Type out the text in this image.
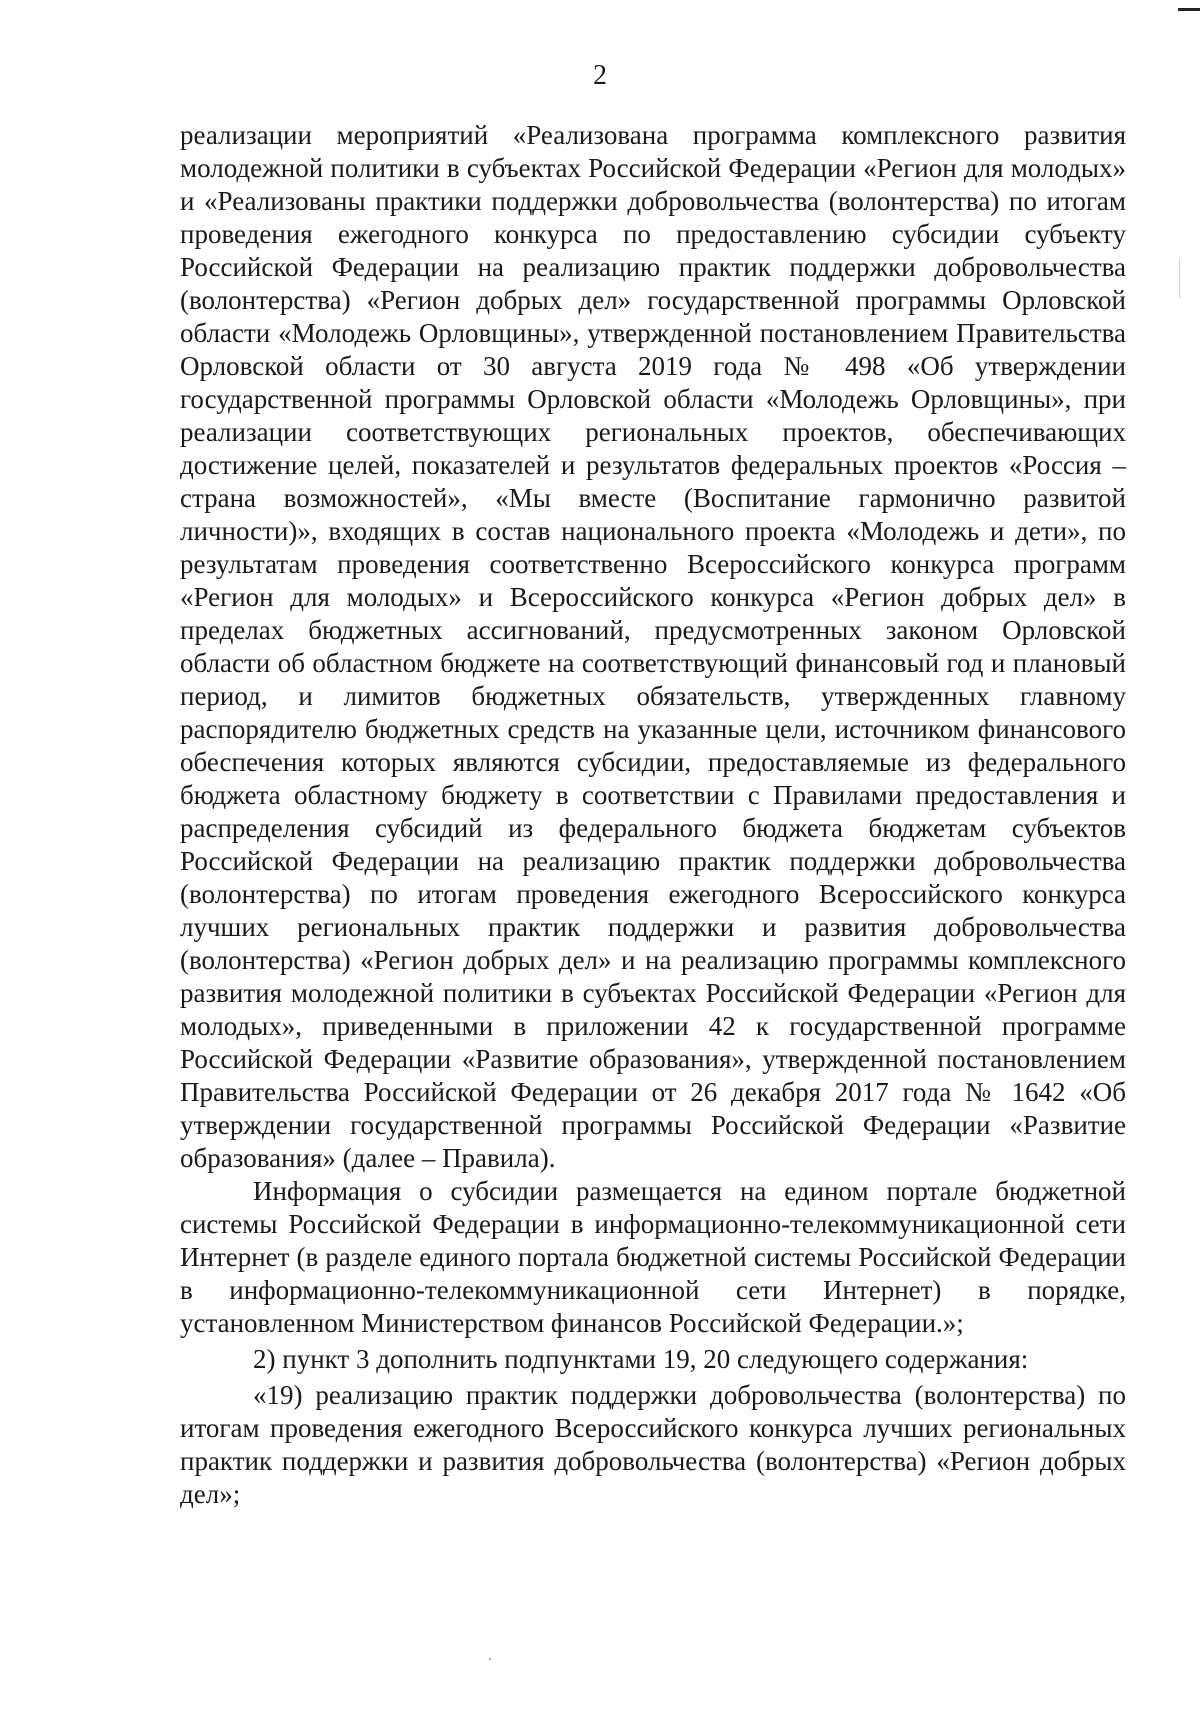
2

реализации мероприятий «Реализована программа комплексного развития молодежной политики в субъектах Российской Федерации «Регион для молодых» и «Реализованы практики поддержки добровольчества (волонтерства) по итогам проведения ежегодного конкурса по предоставлению субсидии субъекту Российской Федерации на реализацию практик поддержки добровольчества (волонтерства) «Регион добрых дел» государственной программы Орловской области «Молодежь Орловщины», утвержденной постановлением Правительства Орловской области от 30 августа 2019 года № 498 «Об утверждении государственной программы Орловской области «Молодежь Орловщины», при реализации соответствующих региональных проектов, обеспечивающих достижение целей, показателей и результатов федеральных проектов «Россия – страна возможностей», «Мы вместе (Воспитание гармонично развитой личности)», входящих в состав национального проекта «Молодежь и дети», по результатам проведения соответственно Всероссийского конкурса программ «Регион для молодых» и Всероссийского конкурса «Регион добрых дел» в пределах бюджетных ассигнований, предусмотренных законом Орловской области об областном бюджете на соответствующий финансовый год и плановый период, и лимитов бюджетных обязательств, утвержденных главному распорядителю бюджетных средств на указанные цели, источником финансового обеспечения которых являются субсидии, предоставляемые из федерального бюджета областному бюджету в соответствии с Правилами предоставления и распределения субсидий из федерального бюджета бюджетам субъектов Российской Федерации на реализацию практик поддержки добровольчества (волонтерства) по итогам проведения ежегодного Всероссийского конкурса лучших региональных практик поддержки и развития добровольчества (волонтерства) «Регион добрых дел» и на реализацию программы комплексного развития молодежной политики в субъектах Российской Федерации «Регион для молодых», приведенными в приложении 42 к государственной программе Российской Федерации «Развитие образования», утвержденной постановлением Правительства Российской Федерации от 26 декабря 2017 года № 1642 «Об утверждении государственной программы Российской Федерации «Развитие образования» (далее – Правила).

Информация о субсидии размещается на едином портале бюджетной системы Российской Федерации в информационно-телекоммуникационной сети Интернет (в разделе единого портала бюджетной системы Российской Федерации в информационно-телекоммуникационной сети Интернет) в порядке, установленном Министерством финансов Российской Федерации.»;

2) пункт 3 дополнить подпунктами 19, 20 следующего содержания:

«19) реализацию практик поддержки добровольчества (волонтерства) по итогам проведения ежегодного Всероссийского конкурса лучших региональных практик поддержки и развития добровольчества (волонтерства) «Регион добрых дел»;
